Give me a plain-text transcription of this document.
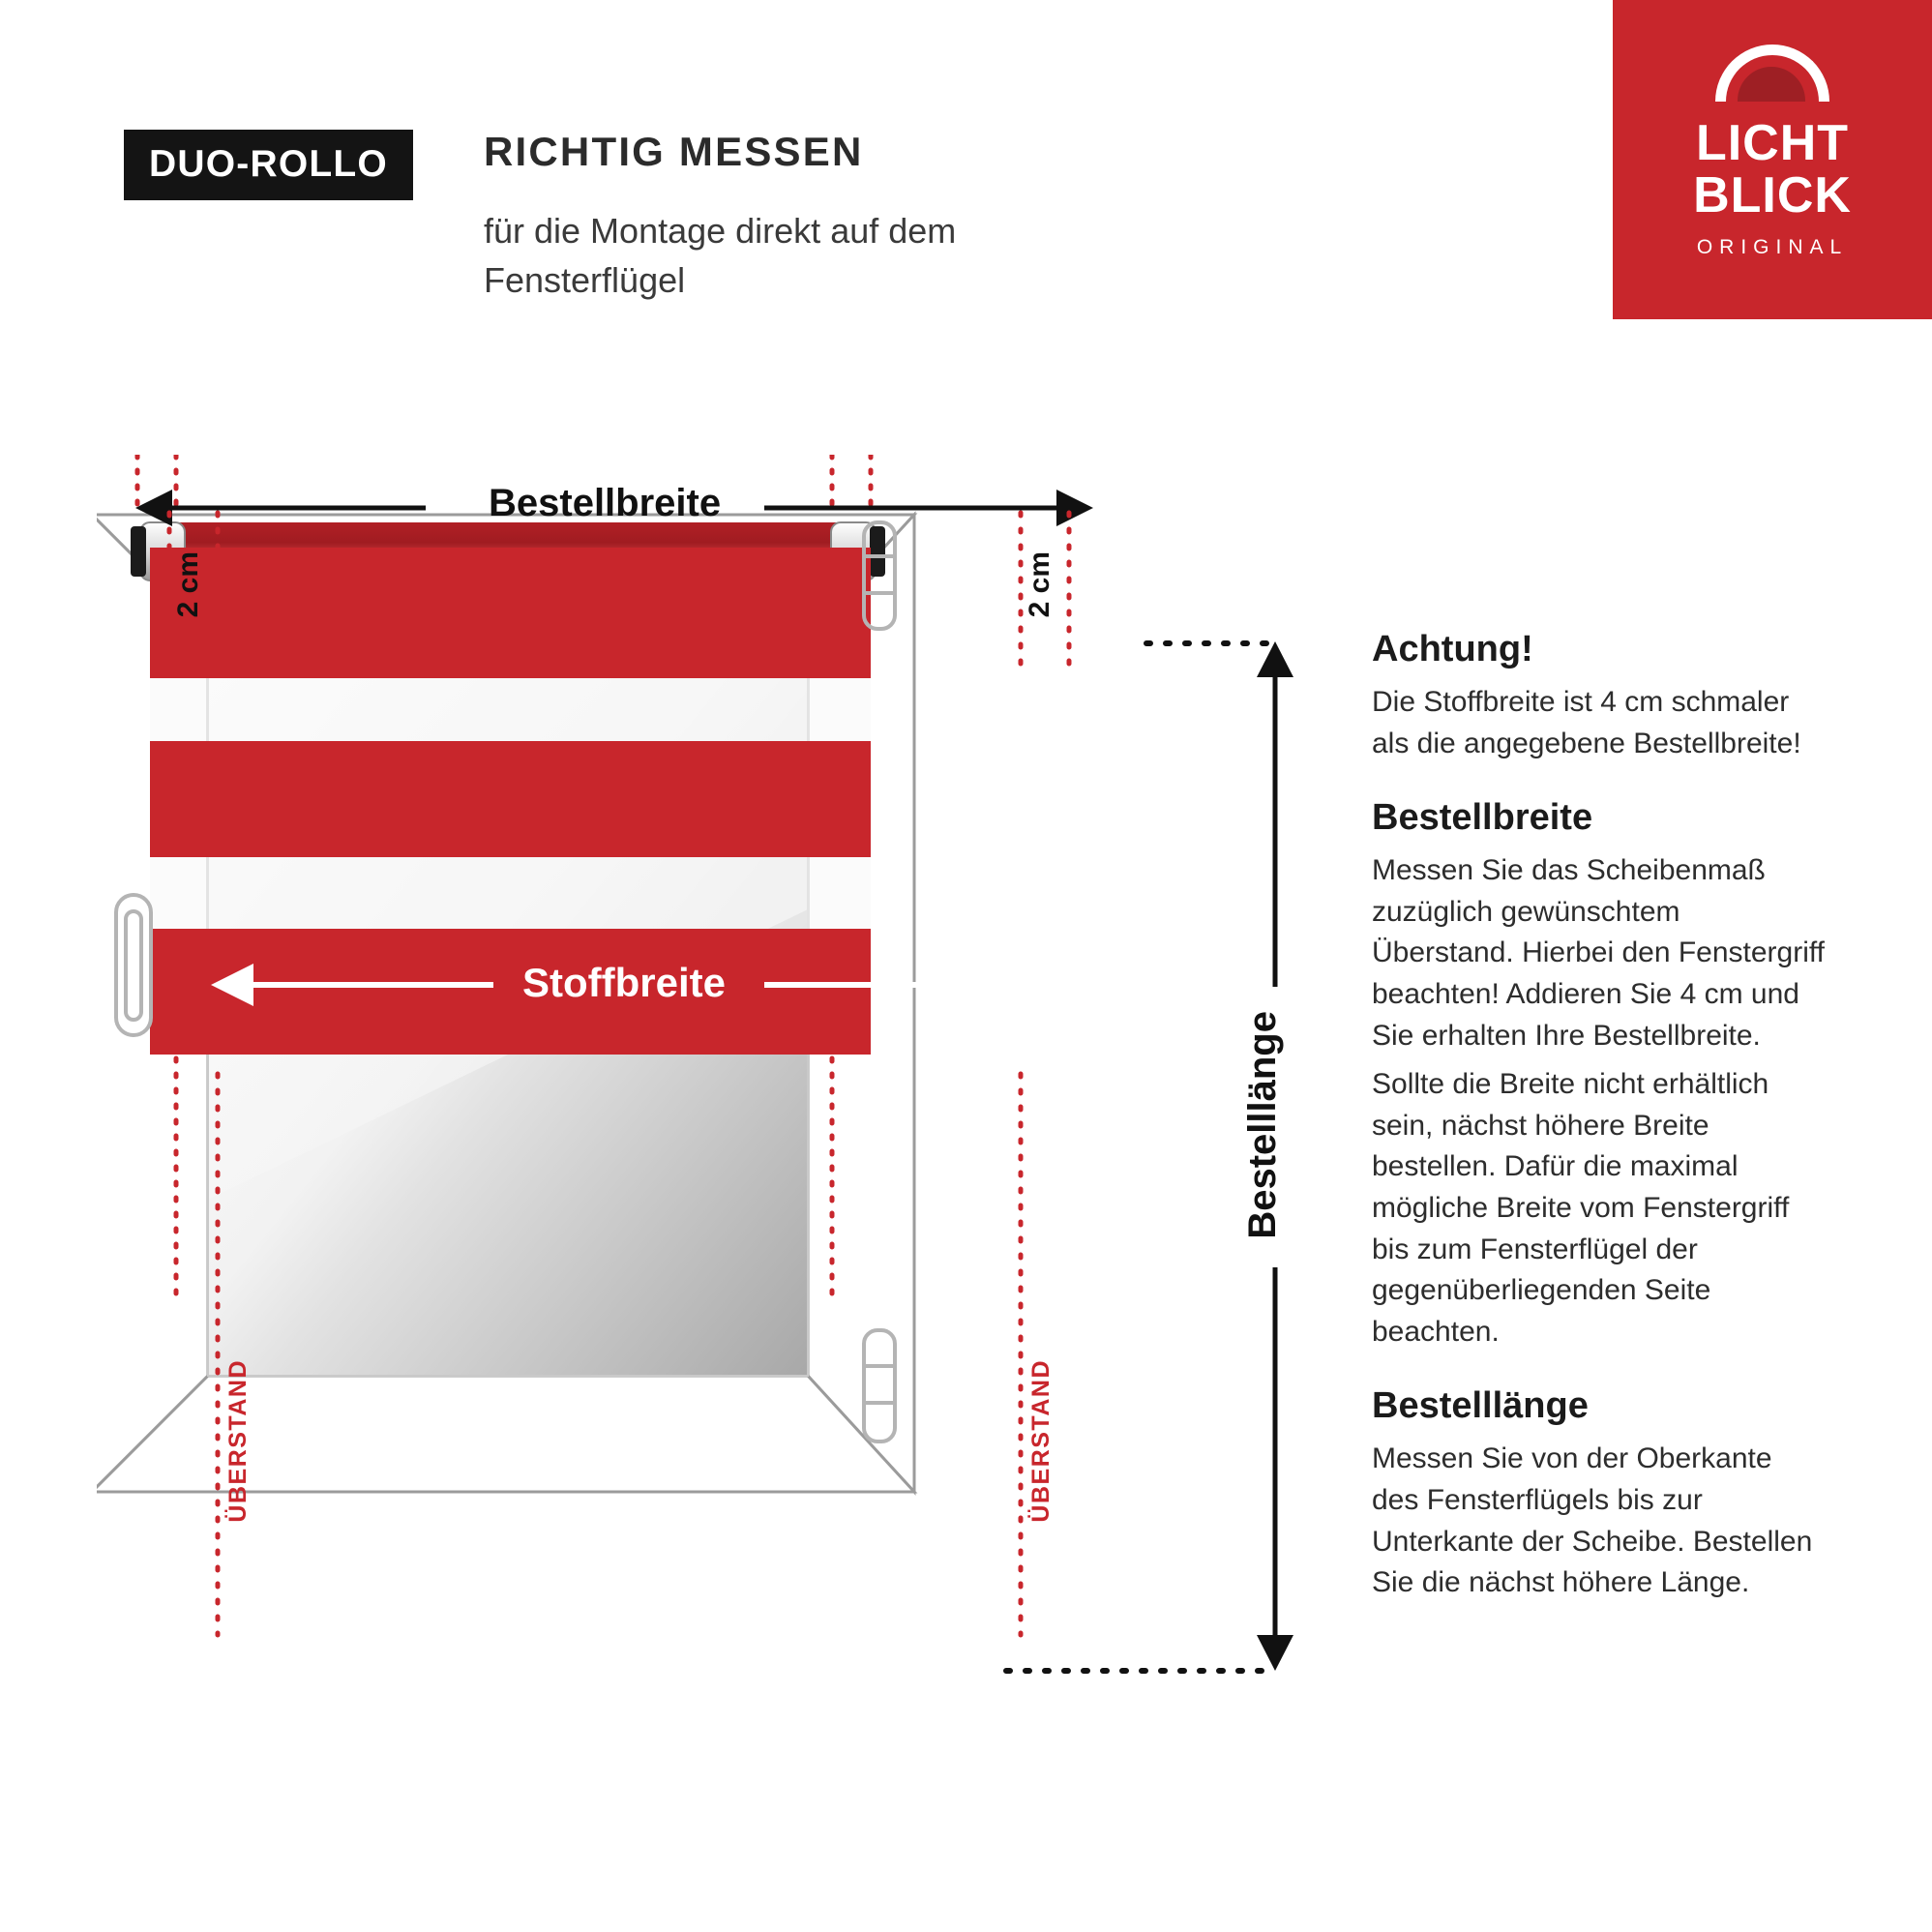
DUO-ROLLO	RICHTIG MESSEN
für die Montage direkt auf dem Fensterflügel
LICHT
BLICK
ORIGINAL
Bestellbreite
2 cm	2 cm
Stoffbreite
Bestelllänge
ÜBERSTAND	ÜBERSTAND
Achtung!

Die Stoffbreite ist 4 cm schmaler als die angegebene Bestellbreite!

Bestellbreite

Messen Sie das Scheibenmaß zuzüglich gewünschtem Überstand. Hierbei den Fenstergriff beachten! Addieren Sie 4 cm und Sie erhalten Ihre Bestellbreite.

Sollte die Breite nicht erhältlich sein, nächst höhere Breite bestellen. Dafür die maximal mögliche Breite vom Fenstergriff bis zum Fensterflügel der gegenüberliegenden Seite beachten.

Bestelllänge

Messen Sie von der Oberkante des Fensterflügels bis zur Unterkante der Scheibe. Bestellen Sie die nächst höhere Länge.
